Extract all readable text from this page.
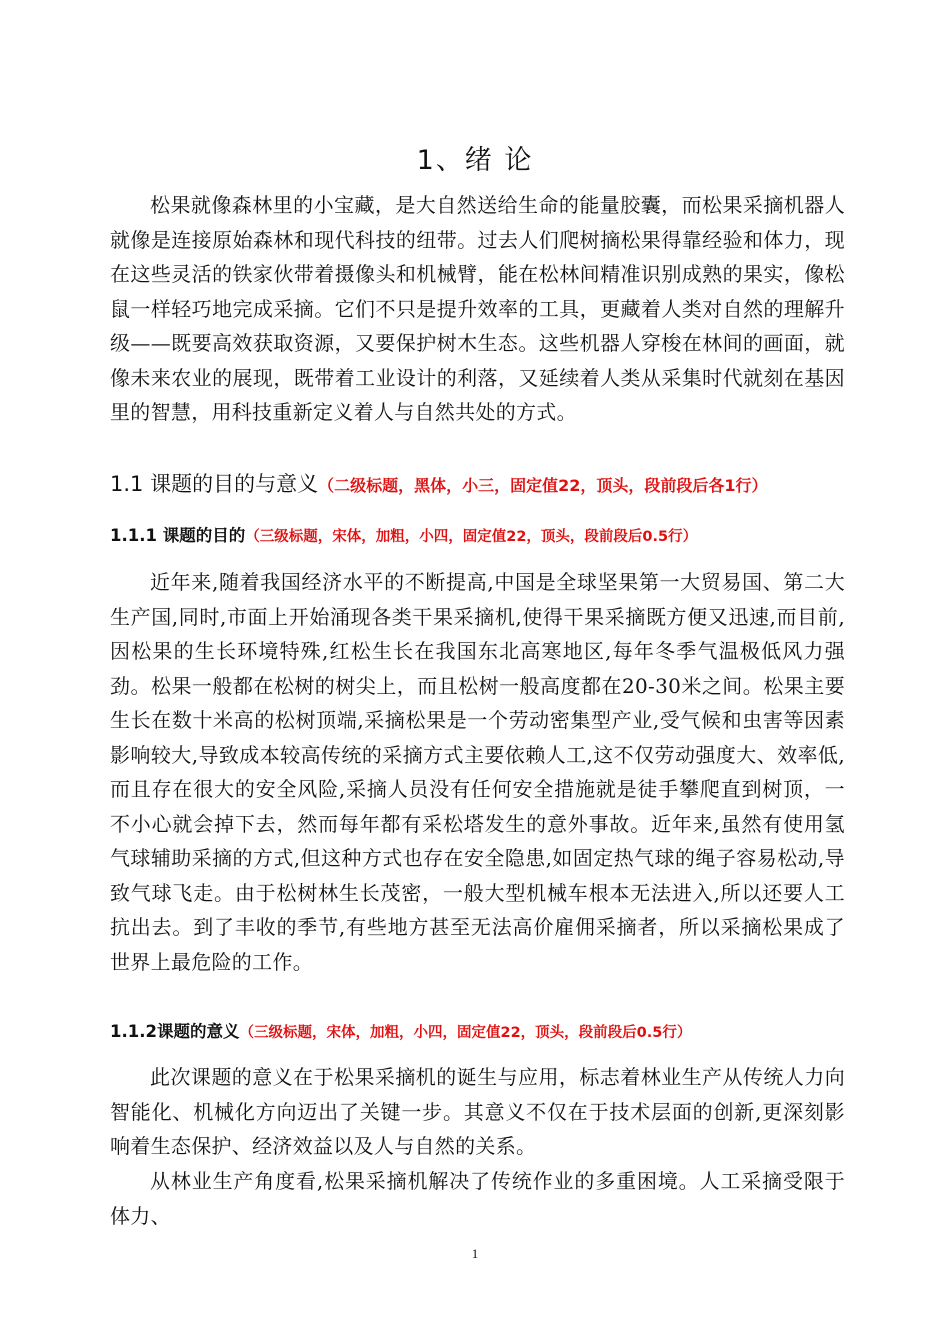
1、绪 论

松果就像森林里的小宝藏，是大自然送给生命的能量胶囊，而松果采摘机器人就像是连接原始森林和现代科技的纽带。过去人们爬树摘松果得靠经验和体力，现在这些灵活的铁家伙带着摄像头和机械臂，能在松林间精准识别成熟的果实，像松鼠一样轻巧地完成采摘。它们不只是提升效率的工具，更藏着人类对自然的理解升级——既要高效获取资源，又要保护树木生态。这些机器人穿梭在林间的画面，就像未来农业的展现，既带着工业设计的利落，又延续着人类从采集时代就刻在基因里的智慧，用科技重新定义着人与自然共处的方式。

1.1 课题的目的与意义（二级标题，黑体，小三，固定值22，顶头，段前段后各1行）
1.1.1 课题的目的（三级标题，宋体，加粗，小四，固定值22，顶头，段前段后0.5行）

近年来,随着我国经济水平的不断提高,中国是全球坚果第一大贸易国、第二大生产国,同时,市面上开始涌现各类干果采摘机,使得干果采摘既方便又迅速,而目前,因松果的生长环境特殊,红松生长在我国东北高寒地区,每年冬季气温极低风力强劲。松果一般都在松树的树尖上，而且松树一般高度都在20-30米之间。松果主要生长在数十米高的松树顶端,采摘松果是一个劳动密集型产业,受气候和虫害等因素影响较大,导致成本较高传统的采摘方式主要依赖人工,这不仅劳动强度大、效率低,而且存在很大的安全风险,采摘人员没有任何安全措施就是徒手攀爬直到树顶，一不小心就会掉下去，然而每年都有采松塔发生的意外事故。近年来,虽然有使用氢气球辅助采摘的方式,但这种方式也存在安全隐患,如固定热气球的绳子容易松动,导致气球飞走。由于松树林生长茂密，一般大型机械车根本无法进入,所以还要人工抗出去。到了丰收的季节,有些地方甚至无法高价雇佣采摘者，所以采摘松果成了世界上最危险的工作。

1.1.2课题的意义（三级标题，宋体，加粗，小四，固定值22，顶头，段前段后0.5行）

此次课题的意义在于松果采摘机的诞生与应用，标志着林业生产从传统人力向智能化、机械化方向迈出了关键一步。其意义不仅在于技术层面的创新,更深刻影响着生态保护、经济效益以及人与自然的关系。

从林业生产角度看,松果采摘机解决了传统作业的多重困境。人工采摘受限于体力、

1
